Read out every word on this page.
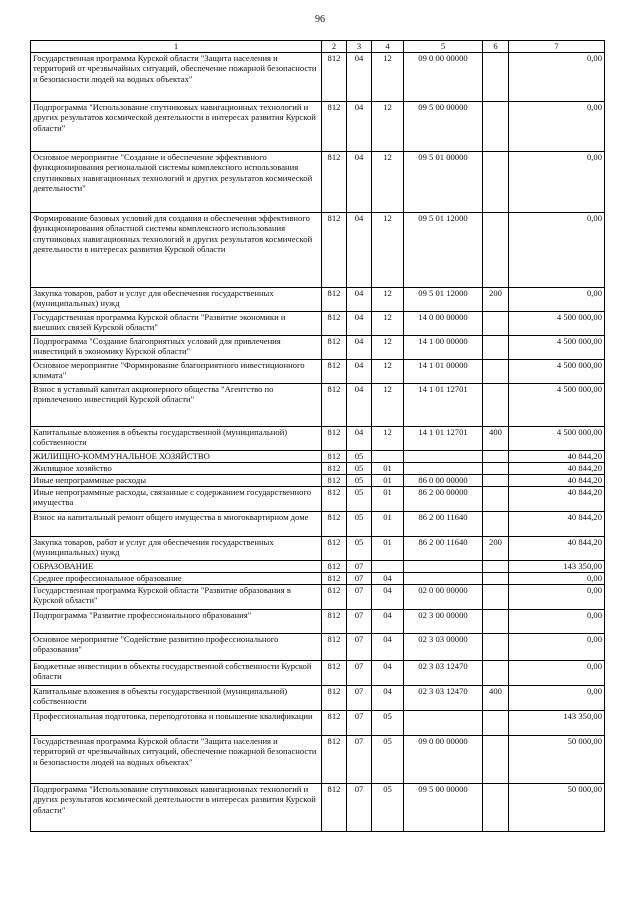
96
1	2	3	4	5	6	7
Государственная программа Курской области "Защита населения и территорий от чрезвычайных ситуаций, обеспечение пожарной безопасности и безопасности людей на водных объектах"	812	04	12	09 0 00 00000		0,00
Подпрограмма "Использование спутниковых навигационных технологий и других результатов космической деятельности в интересах развития Курской области"	812	04	12	09 5 00 00000		0,00
Основное мероприятие "Создание и обеспечение эффективного функционирования региональной системы комплексного использования спутниковых навигационных технологий и других результатов космической деятельности"	812	04	12	09 5 01 00000		0,00
Формирование базовых условий для создания и обеспечения эффективного функционирования областной системы комплексного использования спутниковых навигационных технологий и других результатов космической деятельности в интересах развития Курской области	812	04	12	09 5 01 12000		0,00
Закупка товаров, работ и услуг для обеспечения государственных (муниципальных) нужд	812	04	12	09 5 01 12000	200	0,00
Государственная программа Курской области "Развитие экономики и внешних связей Курской области"	812	04	12	14 0 00 00000		4 500 000,00
Подпрограмма "Создание благоприятных условий для привлечения инвестиций в экономику Курской области"	812	04	12	14 1 00 00000		4 500 000,00
Основное мероприятие "Формирование благоприятного инвестиционного климата"	812	04	12	14 1 01 00000		4 500 000,00
Взнос в уставный капитал акционерного общества "Агентство по привлечению инвестиций Курской области"	812	04	12	14 1 01 12701		4 500 000,00
Капитальные вложения в объекты государственной (муниципальной) собственности	812	04	12	14 1 01 12701	400	4 500 000,00
ЖИЛИЩНО-КОММУНАЛЬНОЕ ХОЗЯЙСТВО	812	05				40 844,20
Жилищное хозяйство	812	05	01			40 844,20
Иные непрограммные расходы	812	05	01	86 0 00 00000		40 844,20
Иные непрограммные расходы, связанные с содержанием государственного имущества	812	05	01	86 2 00 00000		40 844,20
Взнос на капитальный ремонт общего имущества в многоквартирном доме	812	05	01	86 2 00 11640		40 844,20
Закупка товаров, работ и услуг для обеспечения государственных (муниципальных) нужд	812	05	01	86 2 00 11640	200	40 844,20
ОБРАЗОВАНИЕ	812	07				143 350,00
Среднее профессиональное образование	812	07	04			0,00
Государственная программа Курской области "Развитие образования в Курской области"	812	07	04	02 0 00 00000		0,00
Подпрограмма "Развитие профессионального образования"	812	07	04	02 3 00 00000		0,00
Основное мероприятие "Содействие развитию профессионального образования"	812	07	04	02 3 03 00000		0,00
Бюджетные инвестиции в объекты государственной собственности Курской области	812	07	04	02 3 03 12470		0,00
Капитальные вложения в объекты государственной (муниципальной) собственности	812	07	04	02 3 03 12470	400	0,00
Профессиональная подготовка, переподготовка и повышение квалификации	812	07	05			143 350,00
Государственная программа Курской области "Защита населения и территорий от чрезвычайных ситуаций, обеспечение пожарной безопасности и безопасности людей на водных объектах"	812	07	05	09 0 00 00000		50 000,00
Подпрограмма "Использование спутниковых навигационных технологий и других результатов космической деятельности в интересах развития Курской области"	812	07	05	09 5 00 00000		50 000,00
